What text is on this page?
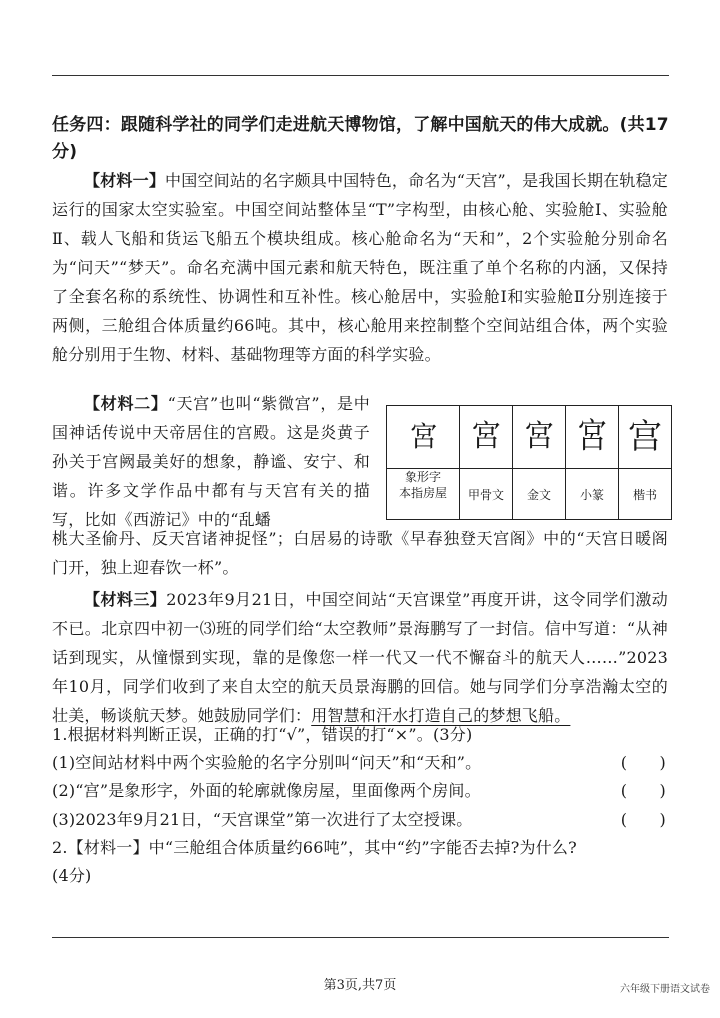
任务四：跟随科学社的同学们走进航天博物馆，了解中国航天的伟大成就。(共17分)
【材料一】中国空间站的名字颇具中国特色，命名为“天宫”，是我国长期在轨稳定运行的国家太空实验室。中国空间站整体呈“T”字构型，由核心舱、实验舱Ⅰ、实验舱Ⅱ、载人飞船和货运飞船五个模块组成。核心舱命名为“天和”，2个实验舱分别命名为“问天”“梦天”。命名充满中国元素和航天特色，既注重了单个名称的内涵，又保持了全套名称的系统性、协调性和互补性。核心舱居中，实验舱Ⅰ和实验舱Ⅱ分别连接于两侧，三舱组合体质量约66吨。其中，核心舱用来控制整个空间站组合体，两个实验舱分别用于生物、材料、基础物理等方面的科学实验。
【材料二】“天宫”也叫“紫微宫”，是中国神话传说中天帝居住的宫殿。这是炎黄子孙关于宫阙最美好的想象，静谧、安宁、和谐。许多文学作品中都有与天宫有关的描写，比如《西游记》中的“乱蟠
宮	宮	宮	宮	宫

象形字
本指房屋	甲骨文	金文	小篆	楷书
桃大圣偷丹、反天宫诸神捉怪”；白居易的诗歌《早春独登天宫阁》中的“天宫日暖阁门开，独上迎春饮一杯”。
【材料三】2023年9月21日，中国空间站“天宫课堂”再度开讲，这令同学们激动不已。北京四中初一⑶班的同学们给“太空教师”景海鹏写了一封信。信中写道：“从神话到现实，从憧憬到实现，靠的是像您一样一代又一代不懈奋斗的航天人……”2023年10月，同学们收到了来自太空的航天员景海鹏的回信。她与同学们分享浩瀚太空的壮美，畅谈航天梦。她鼓励同学们：用智慧和汗水打造自己的梦想飞船。
1.根据材料判断正误，正确的打“√”，错误的打“×”。(3分)
(1)空间站材料中两个实验舱的名字分别叫“问天”和“天和”。	(　　)
(2)“宫”是象形字，外面的轮廓就像房屋，里面像两个房间。	(　　)
(3)2023年9月21日，“天宫课堂”第一次进行了太空授课。	(　　)
2.【材料一】中“三舱组合体质量约66吨”，其中“约”字能否去掉?为什么?
(4分)
第3页,共7页	六年级下册语文试卷
